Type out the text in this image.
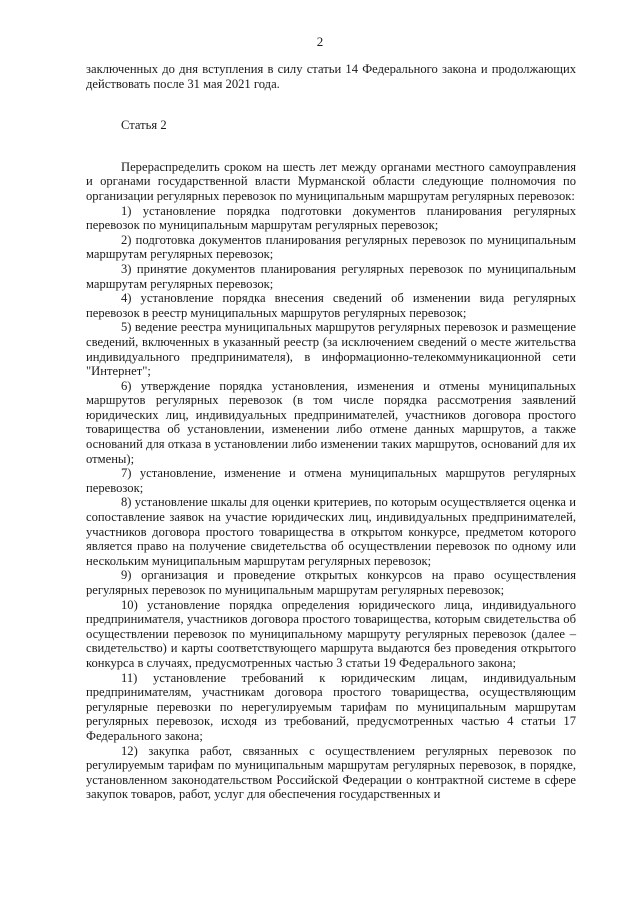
2

заключенных до дня вступления в силу статьи 14 Федерального закона и продолжающих действовать после 31 мая 2021 года.

Статья 2

Перераспределить сроком на шесть лет между органами местного самоуправления и органами государственной власти Мурманской области следующие полномочия по организации регулярных перевозок по муниципальным маршрутам регулярных перевозок:

1) установление порядка подготовки документов планирования регулярных перевозок по муниципальным маршрутам регулярных перевозок;

2) подготовка документов планирования регулярных перевозок по муниципальным маршрутам регулярных перевозок;

3) принятие документов планирования регулярных перевозок по муниципальным маршрутам регулярных перевозок;

4) установление порядка внесения сведений об изменении вида регулярных перевозок в реестр муниципальных маршрутов регулярных перевозок;

5) ведение реестра муниципальных маршрутов регулярных перевозок и размещение сведений, включенных в указанный реестр (за исключением сведений о месте жительства индивидуального предпринимателя), в информационно-телекоммуникационной сети "Интернет";

6) утверждение порядка установления, изменения и отмены муниципальных маршрутов регулярных перевозок (в том числе порядка рассмотрения заявлений юридических лиц, индивидуальных предпринимателей, участников договора простого товарищества об установлении, изменении либо отмене данных маршрутов, а также оснований для отказа в установлении либо изменении таких маршрутов, оснований для их отмены);

7) установление, изменение и отмена муниципальных маршрутов регулярных перевозок;

8) установление шкалы для оценки критериев, по которым осуществляется оценка и сопоставление заявок на участие юридических лиц, индивидуальных предпринимателей, участников договора простого товарищества в открытом конкурсе, предметом которого является право на получение свидетельства об осуществлении перевозок по одному или нескольким муниципальным маршрутам регулярных перевозок;

9) организация и проведение открытых конкурсов на право осуществления регулярных перевозок по муниципальным маршрутам регулярных перевозок;

10) установление порядка определения юридического лица, индивидуального предпринимателя, участников договора простого товарищества, которым свидетельства об осуществлении перевозок по муниципальному маршруту регулярных перевозок (далее – свидетельство) и карты соответствующего маршрута выдаются без проведения открытого конкурса в случаях, предусмотренных частью 3 статьи 19 Федерального закона;

11) установление требований к юридическим лицам, индивидуальным предпринимателям, участникам договора простого товарищества, осуществляющим регулярные перевозки по нерегулируемым тарифам по муниципальным маршрутам регулярных перевозок, исходя из требований, предусмотренных частью 4 статьи 17 Федерального закона;

12) закупка работ, связанных с осуществлением регулярных перевозок по регулируемым тарифам по муниципальным маршрутам регулярных перевозок, в порядке, установленном законодательством Российской Федерации о контрактной системе в сфере закупок товаров, работ, услуг для обеспечения государственных и
